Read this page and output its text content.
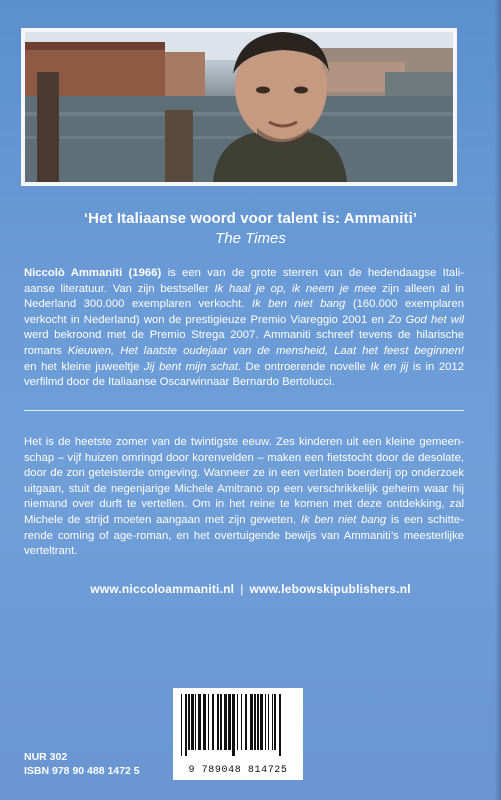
‘Het Italiaanse woord voor talent is: Ammaniti’
The Times
Niccolò Ammaniti (1966) is een van de grote sterren van de hedendaagse Itali-
aanse literatuur. Van zijn bestseller Ik haal je op, ik neem je mee zijn alleen al in
Nederland 300.000 exemplaren verkocht. Ik ben niet bang (160.000 exemplaren
verkocht in Nederland) won de prestigieuze Premio Viareggio 2001 en Zo God het wil
werd bekroond met de Premio Strega 2007. Ammaniti schreef tevens de hilarische
romans Kieuwen, Het laatste oudejaar van de mensheid, Laat het feest beginnen!
en het kleine juweeltje Jij bent mijn schat. De ontroerende novelle Ik en jij is in 2012
verfilmd door de Italiaanse Oscarwinnaar Bernardo Bertolucci.
Het is de heetste zomer van de twintigste eeuw. Zes kinderen uit een kleine gemeen-
schap – vijf huizen omringd door korenvelden – maken een fietstocht door de desolate,
door de zon geteisterde omgeving. Wanneer ze in een verlaten boerderij op onderzoek
uitgaan, stuit de negenjarige Michele Amitrano op een verschrikkelijk geheim waar hij
niemand over durft te vertellen. Om in het reine te komen met deze ontdekking, zal
Michele de strijd moeten aangaan met zijn geweten. Ik ben niet bang is een schitte-
rende coming of age-roman, en het overtuigende bewijs van Ammaniti’s meesterlijke
verteltrant.
www.niccoloammaniti.nl | www.lebowskipublishers.nl
NUR 302
ISBN 978 90 488 1472 5	9 789048 814725
